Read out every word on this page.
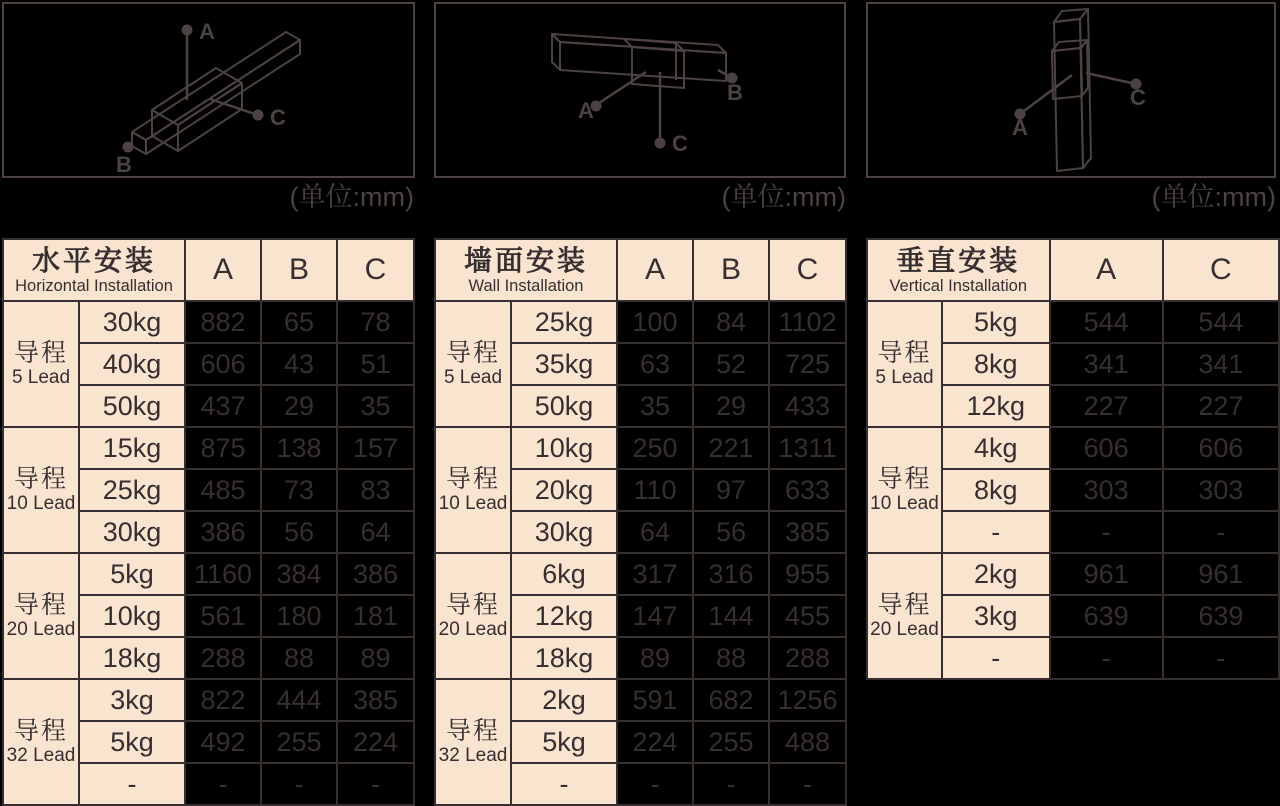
A
C
B
A
C
B
A
C
(单位:mm)	(单位:mm)	(单位:mm)
水平安装
Horizontal Installation		A	B	C

导程
5 Lead	30kg	882	65	78
	40kg	606	43	51
	50kg	437	29	35

导程
10 Lead	15kg	875	138	157
	25kg	485	73	83
	30kg	386	56	64

导程
20 Lead	5kg	1160	384	386
	10kg	561	180	181
	18kg	288	88	89

导程
32 Lead	3kg	822	444	385
	5kg	492	255	224
	-	-	-	-
墙面安装
Wall Installation		A	B	C

导程
5 Lead	25kg	100	84	1102
	35kg	63	52	725
	50kg	35	29	433

导程
10 Lead	10kg	250	221	1311
	20kg	110	97	633
	30kg	64	56	385

导程
20 Lead	6kg	317	316	955
	12kg	147	144	455
	18kg	89	88	288

导程
32 Lead	2kg	591	682	1256
	5kg	224	255	488
	-	-	-	-
垂直安装
Vertical Installation		A	C

导程
5 Lead	5kg	544	544
	8kg	341	341
	12kg	227	227

导程
10 Lead	4kg	606	606
	8kg	303	303
	-	-	-

导程
20 Lead	2kg	961	961
	3kg	639	639
	-	-	-
